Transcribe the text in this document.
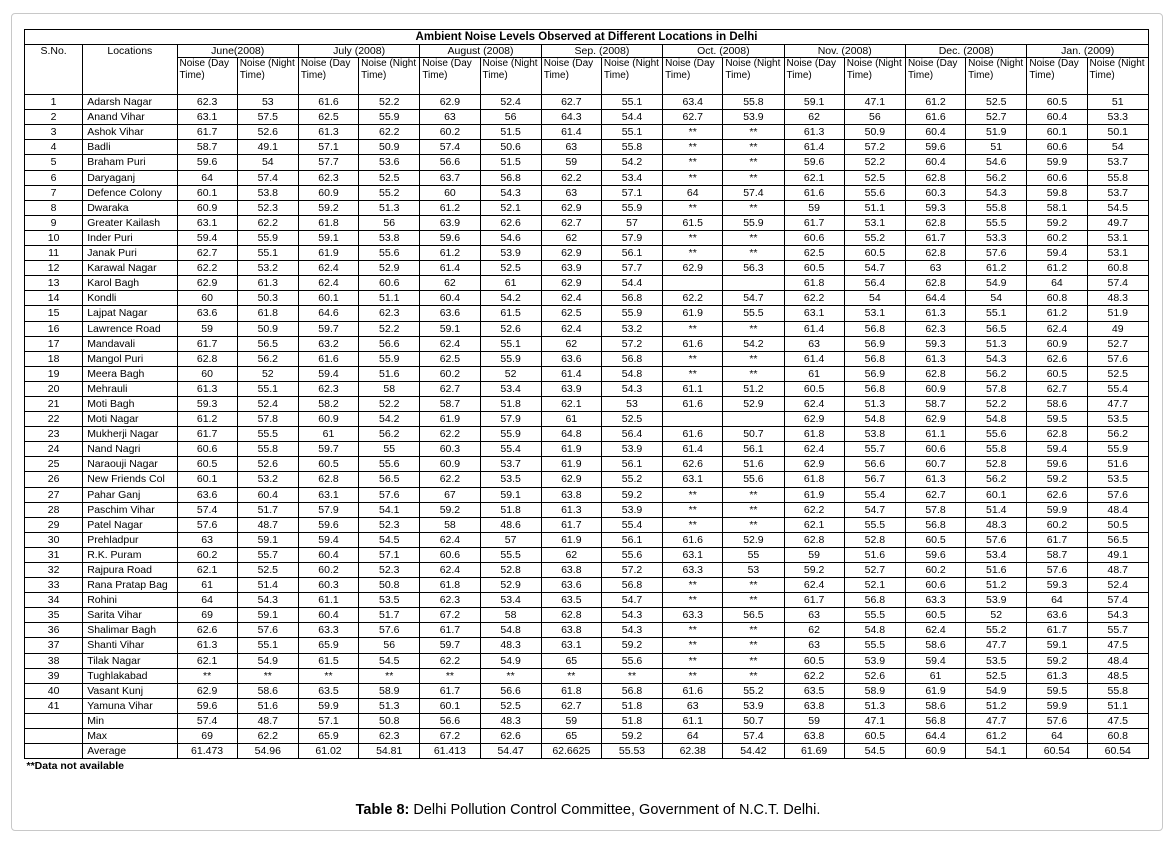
Ambient Noise Levels Observed at Different Locations in Delhi																	
S.No.	Locations	June(2008)		July (2008)		August (2008)		Sep. (2008)		Oct. (2008)		Nov. (2008)		Dec. (2008)		Jan. (2009)	
		Noise (Day Time)	Noise (Night Time)	Noise (Day Time)	Noise (Night Time)	Noise (Day Time)	Noise (Night Time)	Noise (Day Time)	Noise (Night Time)	Noise (Day Time)	Noise (Night Time)	Noise (Day Time)	Noise (Night Time)	Noise (Day Time)	Noise (Night Time)	Noise (Day Time)	Noise (Night Time)
1	Adarsh Nagar	62.3	53	61.6	52.2	62.9	52.4	62.7	55.1	63.4	55.8	59.1	47.1	61.2	52.5	60.5	51
2	Anand Vihar	63.1	57.5	62.5	55.9	63	56	64.3	54.4	62.7	53.9	62	56	61.6	52.7	60.4	53.3
3	Ashok Vihar	61.7	52.6	61.3	62.2	60.2	51.5	61.4	55.1	**	**	61.3	50.9	60.4	51.9	60.1	50.1
4	Badli	58.7	49.1	57.1	50.9	57.4	50.6	63	55.8	**	**	61.4	57.2	59.6	51	60.6	54
5	Braham Puri	59.6	54	57.7	53.6	56.6	51.5	59	54.2	**	**	59.6	52.2	60.4	54.6	59.9	53.7
6	Daryaganj	64	57.4	62.3	52.5	63.7	56.8	62.2	53.4	**	**	62.1	52.5	62.8	56.2	60.6	55.8
7	Defence Colony	60.1	53.8	60.9	55.2	60	54.3	63	57.1	64	57.4	61.6	55.6	60.3	54.3	59.8	53.7
8	Dwaraka	60.9	52.3	59.2	51.3	61.2	52.1	62.9	55.9	**	**	59	51.1	59.3	55.8	58.1	54.5
9	Greater Kailash	63.1	62.2	61.8	56	63.9	62.6	62.7	57	61.5	55.9	61.7	53.1	62.8	55.5	59.2	49.7
10	Inder Puri	59.4	55.9	59.1	53.8	59.6	54.6	62	57.9	**	**	60.6	55.2	61.7	53.3	60.2	53.1
11	Janak Puri	62.7	55.1	61.9	55.6	61.2	53.9	62.9	56.1	**	**	62.5	60.5	62.8	57.6	59.4	53.1
12	Karawal Nagar	62.2	53.2	62.4	52.9	61.4	52.5	63.9	57.7	62.9	56.3	60.5	54.7	63	61.2	61.2	60.8
13	Karol Bagh	62.9	61.3	62.4	60.6	62	61	62.9	54.4			61.8	56.4	62.8	54.9	64	57.4
14	Kondli	60	50.3	60.1	51.1	60.4	54.2	62.4	56.8	62.2	54.7	62.2	54	64.4	54	60.8	48.3
15	Lajpat Nagar	63.6	61.8	64.6	62.3	63.6	61.5	62.5	55.9	61.9	55.5	63.1	53.1	61.3	55.1	61.2	51.9
16	Lawrence Road	59	50.9	59.7	52.2	59.1	52.6	62.4	53.2	**	**	61.4	56.8	62.3	56.5	62.4	49
17	Mandavali	61.7	56.5	63.2	56.6	62.4	55.1	62	57.2	61.6	54.2	63	56.9	59.3	51.3	60.9	52.7
18	Mangol Puri	62.8	56.2	61.6	55.9	62.5	55.9	63.6	56.8	**	**	61.4	56.8	61.3	54.3	62.6	57.6
19	Meera Bagh	60	52	59.4	51.6	60.2	52	61.4	54.8	**	**	61	56.9	62.8	56.2	60.5	52.5
20	Mehrauli	61.3	55.1	62.3	58	62.7	53.4	63.9	54.3	61.1	51.2	60.5	56.8	60.9	57.8	62.7	55.4
21	Moti Bagh	59.3	52.4	58.2	52.2	58.7	51.8	62.1	53	61.6	52.9	62.4	51.3	58.7	52.2	58.6	47.7
22	Moti Nagar	61.2	57.8	60.9	54.2	61.9	57.9	61	52.5			62.9	54.8	62.9	54.8	59.5	53.5
23	Mukherji Nagar	61.7	55.5	61	56.2	62.2	55.9	64.8	56.4	61.6	50.7	61.8	53.8	61.1	55.6	62.8	56.2
24	Nand Nagri	60.6	55.8	59.7	55	60.3	55.4	61.9	53.9	61.4	56.1	62.4	55.7	60.6	55.8	59.4	55.9
25	Naraouji Nagar	60.5	52.6	60.5	55.6	60.9	53.7	61.9	56.1	62.6	51.6	62.9	56.6	60.7	52.8	59.6	51.6
26	New Friends Col	60.1	53.2	62.8	56.5	62.2	53.5	62.9	55.2	63.1	55.6	61.8	56.7	61.3	56.2	59.2	53.5
27	Pahar Ganj	63.6	60.4	63.1	57.6	67	59.1	63.8	59.2	**	**	61.9	55.4	62.7	60.1	62.6	57.6
28	Paschim Vihar	57.4	51.7	57.9	54.1	59.2	51.8	61.3	53.9	**	**	62.2	54.7	57.8	51.4	59.9	48.4
29	Patel Nagar	57.6	48.7	59.6	52.3	58	48.6	61.7	55.4	**	**	62.1	55.5	56.8	48.3	60.2	50.5
30	Prehladpur	63	59.1	59.4	54.5	62.4	57	61.9	56.1	61.6	52.9	62.8	52.8	60.5	57.6	61.7	56.5
31	R.K. Puram	60.2	55.7	60.4	57.1	60.6	55.5	62	55.6	63.1	55	59	51.6	59.6	53.4	58.7	49.1
32	Rajpura Road	62.1	52.5	60.2	52.3	62.4	52.8	63.8	57.2	63.3	53	59.2	52.7	60.2	51.6	57.6	48.7
33	Rana Pratap Bag	61	51.4	60.3	50.8	61.8	52.9	63.6	56.8	**	**	62.4	52.1	60.6	51.2	59.3	52.4
34	Rohini	64	54.3	61.1	53.5	62.3	53.4	63.5	54.7	**	**	61.7	56.8	63.3	53.9	64	57.4
35	Sarita Vihar	69	59.1	60.4	51.7	67.2	58	62.8	54.3	63.3	56.5	63	55.5	60.5	52	63.6	54.3
36	Shalimar Bagh	62.6	57.6	63.3	57.6	61.7	54.8	63.8	54.3	**	**	62	54.8	62.4	55.2	61.7	55.7
37	Shanti Vihar	61.3	55.1	65.9	56	59.7	48.3	63.1	59.2	**	**	63	55.5	58.6	47.7	59.1	47.5
38	Tilak Nagar	62.1	54.9	61.5	54.5	62.2	54.9	65	55.6	**	**	60.5	53.9	59.4	53.5	59.2	48.4
39	Tughlakabad	**	**	**	**	**	**	**	**	**	**	62.2	52.6	61	52.5	61.3	48.5
40	Vasant Kunj	62.9	58.6	63.5	58.9	61.7	56.6	61.8	56.8	61.6	55.2	63.5	58.9	61.9	54.9	59.5	55.8
41	Yamuna Vihar	59.6	51.6	59.9	51.3	60.1	52.5	62.7	51.8	63	53.9	63.8	51.3	58.6	51.2	59.9	51.1
	Min	57.4	48.7	57.1	50.8	56.6	48.3	59	51.8	61.1	50.7	59	47.1	56.8	47.7	57.6	47.5
	Max	69	62.2	65.9	62.3	67.2	62.6	65	59.2	64	57.4	63.8	60.5	64.4	61.2	64	60.8
	Average	61.473	54.96	61.02	54.81	61.413	54.47	62.6625	55.53	62.38	54.42	61.69	54.5	60.9	54.1	60.54	60.54
**Data not available																	
Table 8: Delhi Pollution Control Committee, Government of N.C.T. Delhi.
